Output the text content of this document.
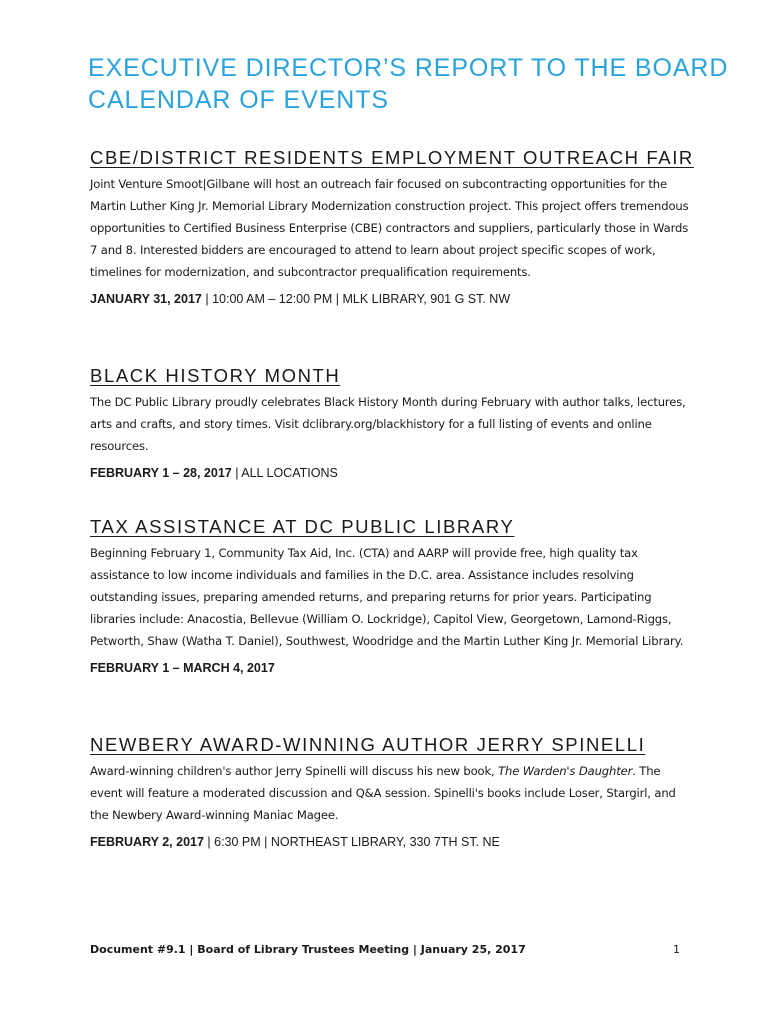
EXECUTIVE DIRECTOR’S REPORT TO THE BOARD
CALENDAR OF EVENTS
CBE/DISTRICT RESIDENTS EMPLOYMENT OUTREACH FAIR

Joint Venture Smoot|Gilbane will host an outreach fair focused on subcontracting opportunities for the Martin Luther King Jr. Memorial Library Modernization construction project. This project offers tremendous opportunities to Certified Business Enterprise (CBE) contractors and suppliers, particularly those in Wards 7 and 8. Interested bidders are encouraged to attend to learn about project specific scopes of work, timelines for modernization, and subcontractor prequalification requirements.

JANUARY 31, 2017 | 10:00 AM – 12:00 PM | MLK LIBRARY, 901 G ST. NW

BLACK HISTORY MONTH

The DC Public Library proudly celebrates Black History Month during February with author talks, lectures, arts and crafts, and story times. Visit dclibrary.org/blackhistory for a full listing of events and online resources.

FEBRUARY 1 – 28, 2017 | ALL LOCATIONS

TAX ASSISTANCE AT DC PUBLIC LIBRARY

Beginning February 1, Community Tax Aid, Inc. (CTA) and AARP will provide free, high quality tax assistance to low income individuals and families in the D.C. area. Assistance includes resolving outstanding issues, preparing amended returns, and preparing returns for prior years. Participating libraries include: Anacostia, Bellevue (William O. Lockridge), Capitol View, Georgetown, Lamond-Riggs, Petworth, Shaw (Watha T. Daniel), Southwest, Woodridge and the Martin Luther King Jr. Memorial Library.

FEBRUARY 1 – MARCH 4, 2017

NEWBERY AWARD-WINNING AUTHOR JERRY SPINELLI

Award-winning children's author Jerry Spinelli will discuss his new book, The Warden's Daughter. The event will feature a moderated discussion and Q&A session. Spinelli's books include Loser, Stargirl, and the Newbery Award-winning Maniac Magee.

FEBRUARY 2, 2017 | 6:30 PM | NORTHEAST LIBRARY, 330 7TH ST. NE

Document #9.1 | Board of Library Trustees Meeting | January 25, 2017	1
